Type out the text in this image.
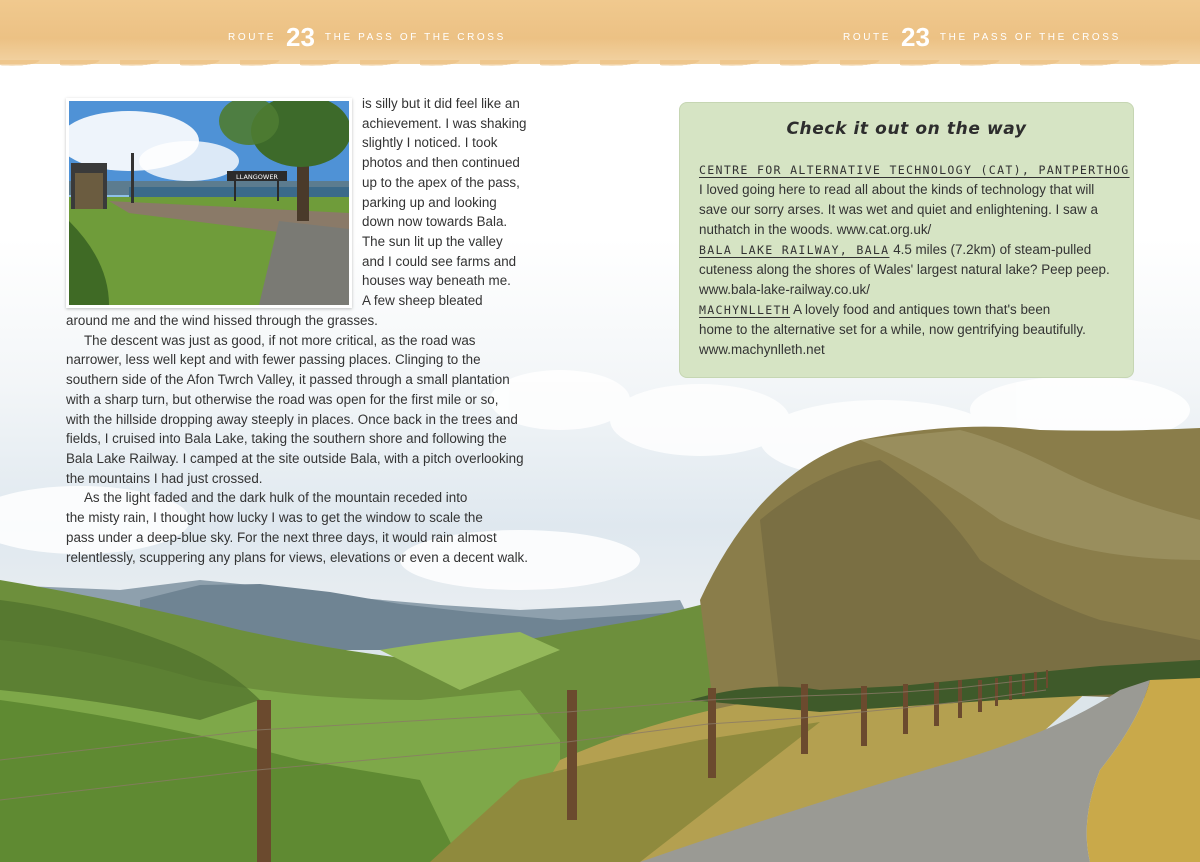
ROUTE 23 THE PASS OF THE CROSS	ROUTE 23 THE PASS OF THE CROSS
LLANGOWER
is silly but it did feel like an
achievement. I was shaking
slightly I noticed. I took
photos and then continued
up to the apex of the pass,
parking up and looking
down now towards Bala.
The sun lit up the valley
and I could see farms and
houses way beneath me.
A few sheep bleated
around me and the wind hissed through the grasses.
The descent was just as good, if not more critical, as the road was
narrower, less well kept and with fewer passing places. Clinging to the
southern side of the Afon Twrch Valley, it passed through a small plantation
with a sharp turn, but otherwise the road was open for the first mile or so,
with the hillside dropping away steeply in places. Once back in the trees and
fields, I cruised into Bala Lake, taking the southern shore and following the
Bala Lake Railway. I camped at the site outside Bala, with a pitch overlooking
the mountains I had just crossed.
As the light faded and the dark hulk of the mountain receded into
the misty rain, I thought how lucky I was to get the window to scale the
pass under a deep-blue sky. For the next three days, it would rain almost
relentlessly, scuppering any plans for views, elevations or even a decent walk.
Check it out on the way
CENTRE FOR ALTERNATIVE TECHNOLOGY (CAT), PANTPERTHOG
I loved going here to read all about the kinds of technology that will
save our sorry arses. It was wet and quiet and enlightening. I saw a
nuthatch in the woods. www.cat.org.uk/
BALA LAKE RAILWAY, BALA 4.5 miles (7.2km) of steam-pulled
cuteness along the shores of Wales' largest natural lake? Peep peep.
www.bala-lake-railway.co.uk/
MACHYNLLETH A lovely food and antiques town that's been
home to the alternative set for a while, now gentrifying beautifully.
www.machynlleth.net
